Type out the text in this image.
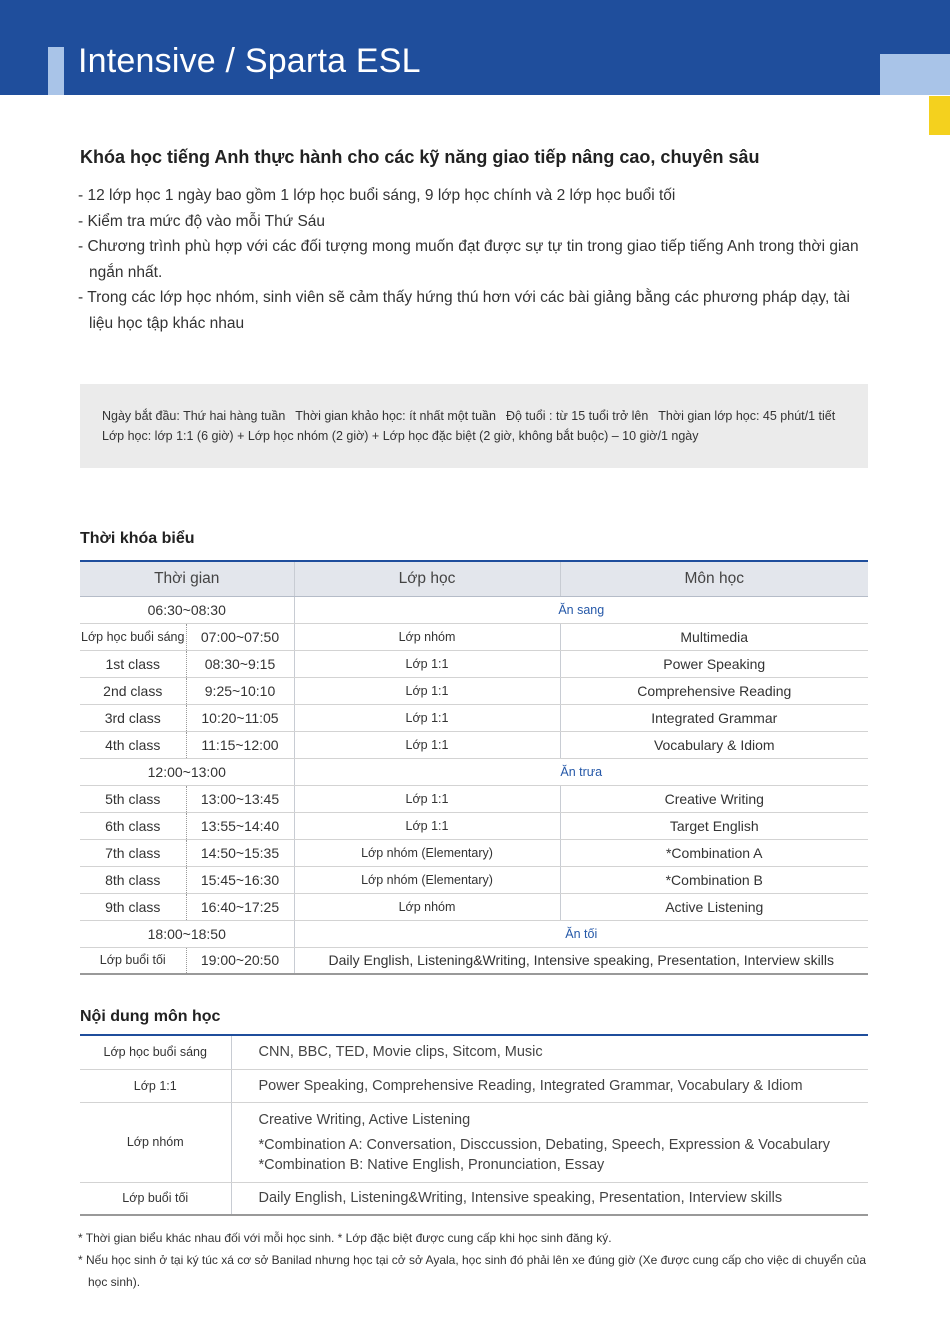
Intensive / Sparta ESL
Khóa học tiếng Anh thực hành cho các kỹ năng giao tiếp nâng cao, chuyên sâu
- 12 lớp học 1 ngày bao gồm 1 lớp học buổi sáng, 9 lớp học chính và 2 lớp học buổi tối
- Kiểm tra mức độ vào mỗi Thứ Sáu
- Chương trình phù hợp với các đối tượng mong muốn đạt được sự tự tin trong giao tiếp tiếng Anh trong thời gian ngắn nhất.
- Trong các lớp học nhóm, sinh viên sẽ cảm thấy hứng thú hơn với các bài giảng bằng các phương pháp dạy, tài liệu học tập khác nhau
Ngày bắt đầu: Thứ hai hàng tuần Thời gian khảo học: ít nhất một tuần Độ tuổi : từ 15 tuổi trở lên Thời gian lớp học: 45 phút/1 tiết
Lớp học: lớp 1:1 (6 giờ) + Lớp học nhóm (2 giờ) + Lớp học đặc biệt (2 giờ, không bắt buộc) – 10 giờ/1 ngày
Thời khóa biểu
Thời gian		Lớp học	Môn học
06:30~08:30		Ăn sang	
Lớp học buổi sáng	07:00~07:50	Lớp nhóm	Multimedia
1st class	08:30~9:15	Lớp 1:1	Power Speaking
2nd class	9:25~10:10	Lớp 1:1	Comprehensive Reading
3rd class	10:20~11:05	Lớp 1:1	Integrated Grammar
4th class	11:15~12:00	Lớp 1:1	Vocabulary & Idiom
12:00~13:00		Ăn trưa	
5th class	13:00~13:45	Lớp 1:1	Creative Writing
6th class	13:55~14:40	Lớp 1:1	Target English
7th class	14:50~15:35	Lớp nhóm (Elementary)	*Combination A
8th class	15:45~16:30	Lớp nhóm (Elementary)	*Combination B
9th class	16:40~17:25	Lớp nhóm	Active Listening
18:00~18:50		Ăn tối	
Lớp buổi tối	19:00~20:50	Daily English, Listening&Writing, Intensive speaking, Presentation, Interview skills	
Nội dung môn học
Lớp học buổi sáng	CNN, BBC, TED, Movie clips, Sitcom, Music
Lớp 1:1	Power Speaking, Comprehensive Reading, Integrated Grammar, Vocabulary & Idiom
Lớp nhóm	Creative Writing, Active Listening
*Combination A: Conversation, Disccussion, Debating, Speech, Expression & Vocabulary
*Combination B: Native English, Pronunciation, Essay

Lớp buổi tối	Daily English, Listening&Writing, Intensive speaking, Presentation, Interview skills

* Thời gian biểu khác nhau đối với mỗi học sinh. * Lớp đặc biệt được cung cấp khi học sinh đăng ký.

* Nếu học sinh ở tại ký túc xá cơ sở Banilad nhưng học tại cở sở Ayala, học sinh đó phải lên xe đúng giờ (Xe được cung cấp cho việc di chuyển của học sinh).
